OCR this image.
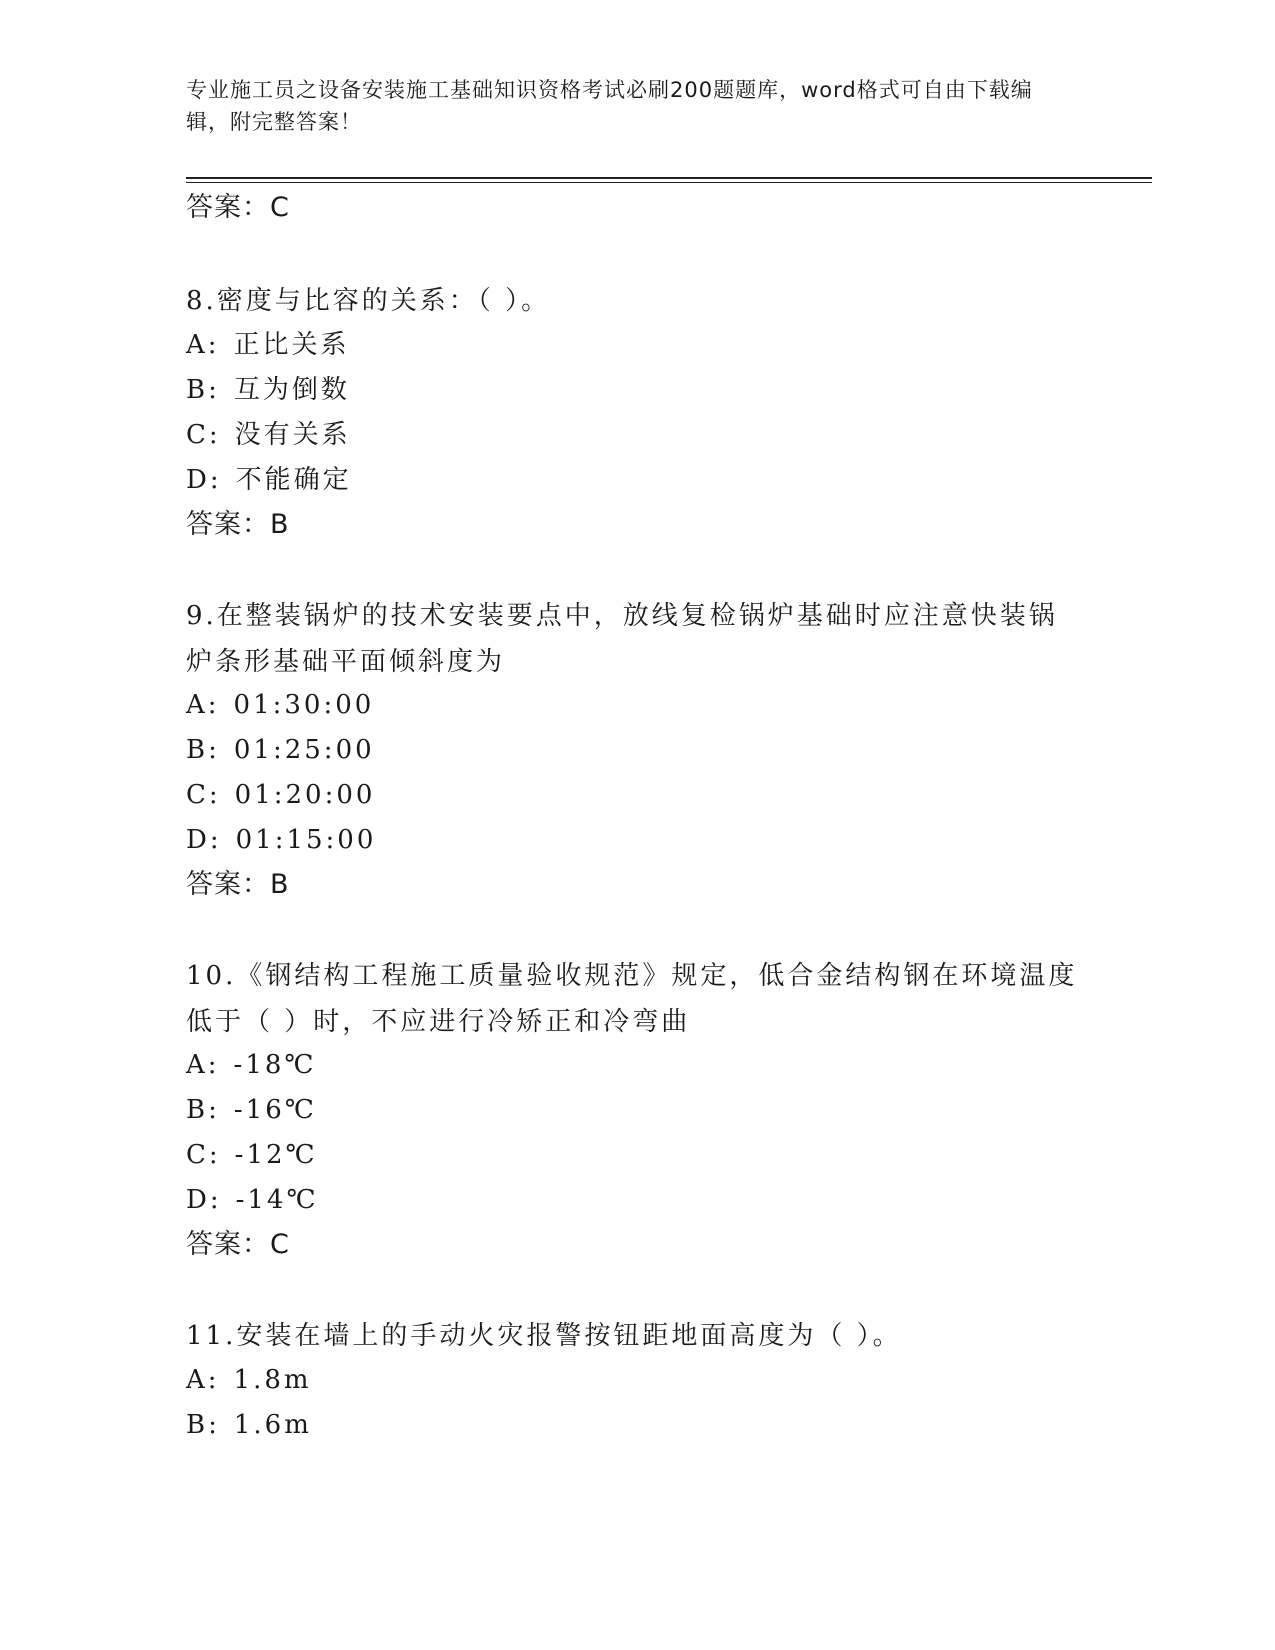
专业施工员之设备安装施工基础知识资格考试必刷200题题库，word格式可自由下载编辑，附完整答案！
答案：C
8.密度与比容的关系：（ ）。
A: 正比关系
B: 互为倒数
C: 没有关系
D: 不能确定
答案：B
9.在整装锅炉的技术安装要点中，放线复检锅炉基础时应注意快装锅炉条形基础平面倾斜度为
A: 01:30:00
B: 01:25:00
C: 01:20:00
D: 01:15:00
答案：B
10.《钢结构工程施工质量验收规范》规定，低合金结构钢在环境温度低于（ ）时，不应进行冷矫正和冷弯曲
A: -18℃
B: -16℃
C: -12℃
D: -14℃
答案：C
11.安装在墙上的手动火灾报警按钮距地面高度为（ ）。
A: 1.8m
B: 1.6m
